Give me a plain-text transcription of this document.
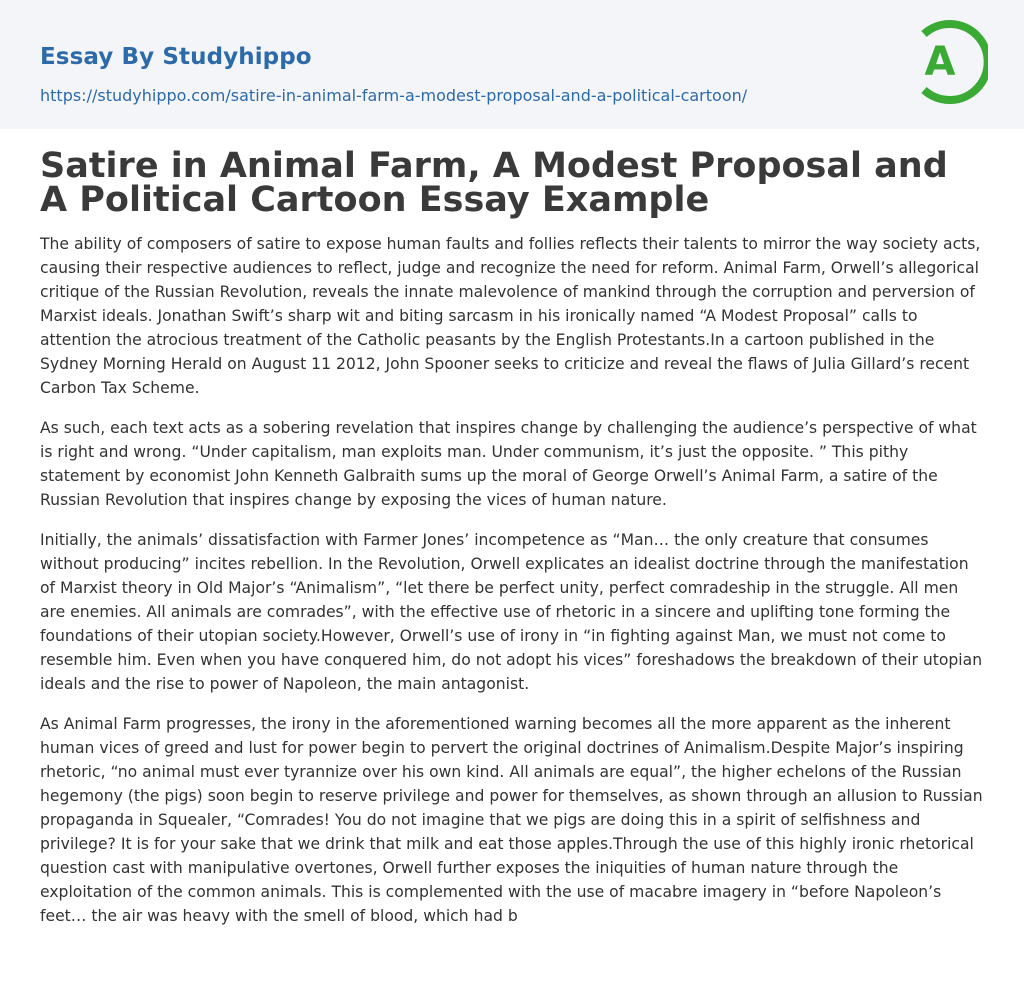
Essay By Studyhippo
https://studyhippo.com/satire-in-animal-farm-a-modest-proposal-and-a-political-cartoon/
A
Satire in Animal Farm, A Modest Proposal and A Political Cartoon Essay Example

The ability of composers of satire to expose human faults and follies reflects their talents to mirror the way society acts, causing their respective audiences to reflect, judge and recognize the need for reform. Animal Farm, Orwell’s allegorical critique of the Russian Revolution, reveals the innate malevolence of mankind through the corruption and perversion of Marxist ideals. Jonathan Swift’s sharp wit and biting sarcasm in his ironically named “A Modest Proposal” calls to attention the atrocious treatment of the Catholic peasants by the English Protestants.In a cartoon published in the Sydney Morning Herald on August 11 2012, John Spooner seeks to criticize and reveal the flaws of Julia Gillard’s recent Carbon Tax Scheme.

As such, each text acts as a sobering revelation that inspires change by challenging the audience’s perspective of what is right and wrong. “Under capitalism, man exploits man. Under communism, it’s just the opposite. ” This pithy statement by economist John Kenneth Galbraith sums up the moral of George Orwell’s Animal Farm, a satire of the Russian Revolution that inspires change by exposing the vices of human nature.

Initially, the animals’ dissatisfaction with Farmer Jones’ incompetence as “Man… the only creature that consumes without producing” incites rebellion. In the Revolution, Orwell explicates an idealist doctrine through the manifestation of Marxist theory in Old Major’s “Animalism”, “let there be perfect unity, perfect comradeship in the struggle. All men are enemies. All animals are comrades”, with the effective use of rhetoric in a sincere and uplifting tone forming the foundations of their utopian society.However, Orwell’s use of irony in “in fighting against Man, we must not come to resemble him. Even when you have conquered him, do not adopt his vices” foreshadows the breakdown of their utopian ideals and the rise to power of Napoleon, the main antagonist.

As Animal Farm progresses, the irony in the aforementioned warning becomes all the more apparent as the inherent human vices of greed and lust for power begin to pervert the original doctrines of Animalism.Despite Major’s inspiring rhetoric, “no animal must ever tyrannize over his own kind. All animals are equal”, the higher echelons of the Russian hegemony (the pigs) soon begin to reserve privilege and power for themselves, as shown through an allusion to Russian propaganda in Squealer, “Comrades! You do not imagine that we pigs are doing this in a spirit of selfishness and privilege? It is for your sake that we drink that milk and eat those apples.Through the use of this highly ironic rhetorical question cast with manipulative overtones, Orwell further exposes the iniquities of human nature through the exploitation of the common animals. This is complemented with the use of macabre imagery in “before Napoleon’s feet… the air was heavy with the smell of blood, which had b
